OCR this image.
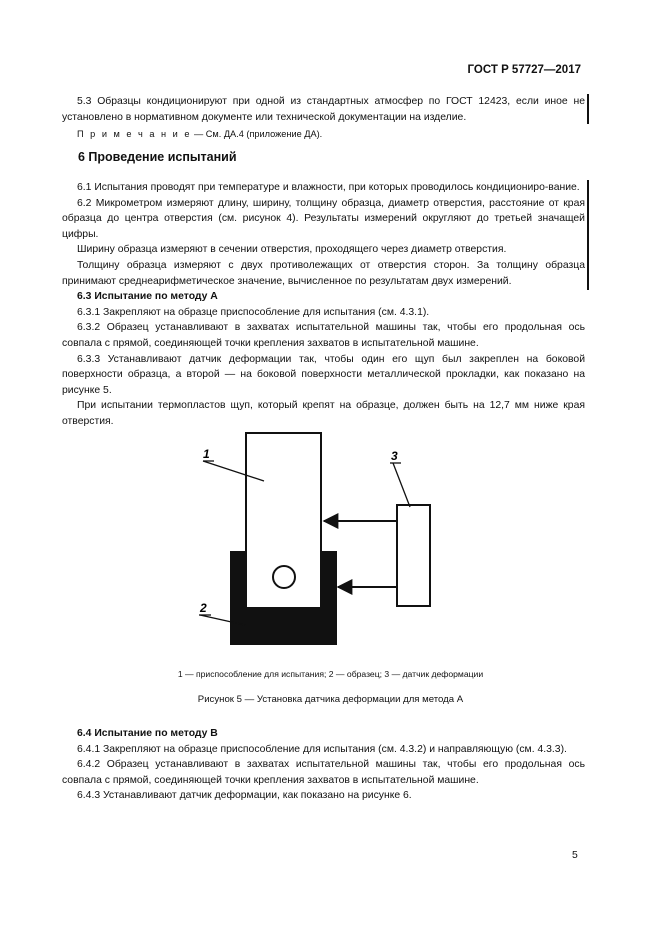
ГОСТ Р 57727—2017

5.3 Образцы кондиционируют при одной из стандартных атмосфер по ГОСТ 12423, если иное не установлено в нормативном документе или технической документации на изделие.

П р и м е ч а н и е — См. ДА.4 (приложение ДА).

6 Проведение испытаний

6.1 Испытания проводят при температуре и влажности, при которых проводилось кондициониро-вание.

6.2 Микрометром измеряют длину, ширину, толщину образца, диаметр отверстия, расстояние от края образца до центра отверстия (см. рисунок 4). Результаты измерений округляют до третьей значащей цифры.

Ширину образца измеряют в сечении отверстия, проходящего через диаметр отверстия.

Толщину образца измеряют с двух противолежащих от отверстия сторон. За толщину образца принимают среднеарифметическое значение, вычисленное по результатам двух измерений.

6.3 Испытание по методу А

6.3.1 Закрепляют на образце приспособление для испытания (см. 4.3.1).

6.3.2 Образец устанавливают в захватах испытательной машины так, чтобы его продольная ось совпала с прямой, соединяющей точки крепления захватов в испытательной машине.

6.3.3 Устанавливают датчик деформации так, чтобы один его щуп был закреплен на боковой поверхности образца, а второй — на боковой поверхности металлической прокладки, как показано на рисунке 5.

При испытании термопластов щуп, который крепят на образце, должен быть на 12,7 мм ниже края отверстия.

1	3
2
1 — приспособление для испытания; 2 — образец; 3 — датчик деформации
Рисунок 5 — Установка датчика деформации для метода А

6.4 Испытание по методу В

6.4.1 Закрепляют на образце приспособление для испытания (см. 4.3.2) и направляющую (см. 4.3.3).

6.4.2 Образец устанавливают в захватах испытательной машины так, чтобы его продольная ось совпала с прямой, соединяющей точки крепления захватов в испытательной машине.

6.4.3 Устанавливают датчик деформации, как показано на рисунке 6.

5
